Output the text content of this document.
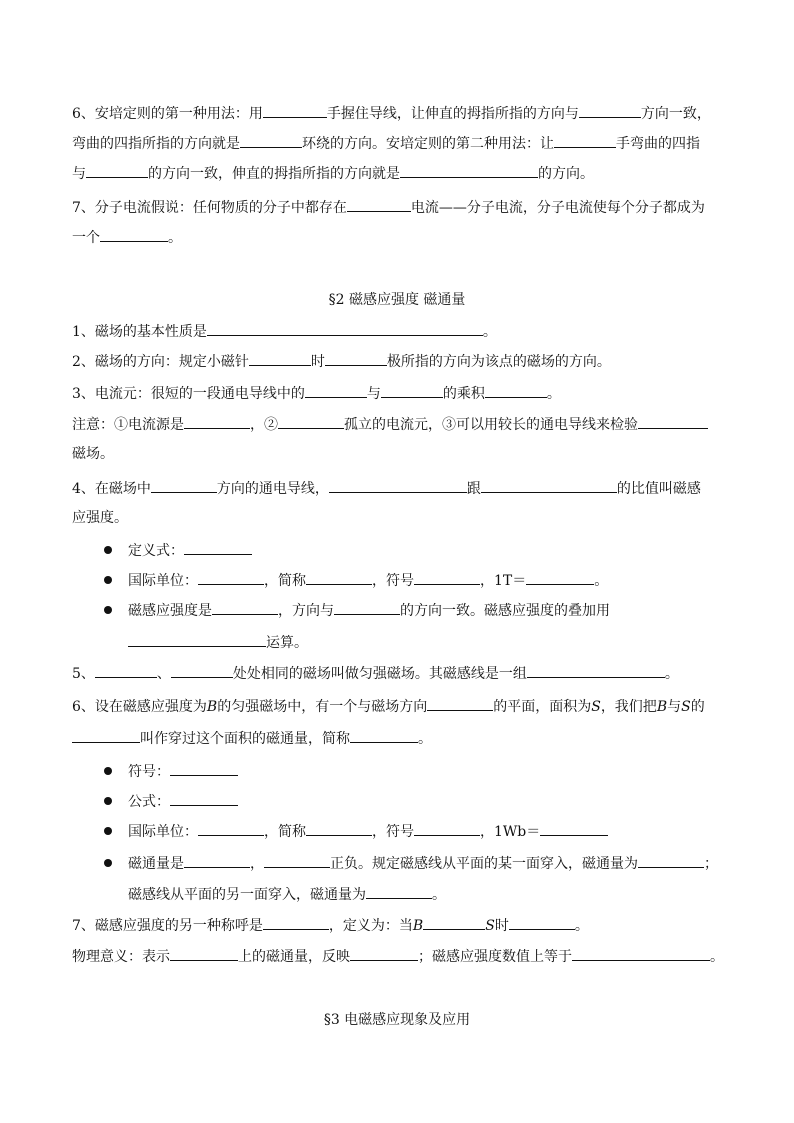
6、安培定则的第一种用法：用	手握住导线，让伸直的拇指所指的方向与	方向一致，
弯曲的四指所指的方向就是	环绕的方向。安培定则的第二种用法：让	手弯曲的四指
与	的方向一致，伸直的拇指所指的方向就是	的方向。
7、分子电流假说：任何物质的分子中都存在	电流——分子电流，分子电流使每个分子都成为
一个	。
§2 磁感应强度 磁通量
1、磁场的基本性质是	。
2、磁场的方向：规定小磁针	时	极所指的方向为该点的磁场的方向。
3、电流元：很短的一段通电导线中的	与	的乘积	。
注意：①电流源是	，②	孤立的电流元，③可以用较长的通电导线来检验
磁场。
4、在磁场中	方向的通电导线，	跟	的比值叫磁感
应强度。
定义式：
国际单位：	，简称	，符号	，1T＝	。
磁感应强度是	，方向与	的方向一致。磁感应强度的叠加用
运算。
5、	、	处处相同的磁场叫做匀强磁场。其磁感线是一组	。
6、设在磁感应强度为B的匀强磁场中，有一个与磁场方向	的平面，面积为S，我们把B与S的
叫作穿过这个面积的磁通量，简称	。
符号：
公式：
国际单位：	，简称	，符号	，1Wb＝
磁通量是	，	正负。规定磁感线从平面的某一面穿入，磁通量为	；
磁感线从平面的另一面穿入，磁通量为	。
7、磁感应强度的另一种称呼是	，定义为：当B	S时	。
物理意义：表示	上的磁通量，反映	；磁感应强度数值上等于	。
§3 电磁感应现象及应用
